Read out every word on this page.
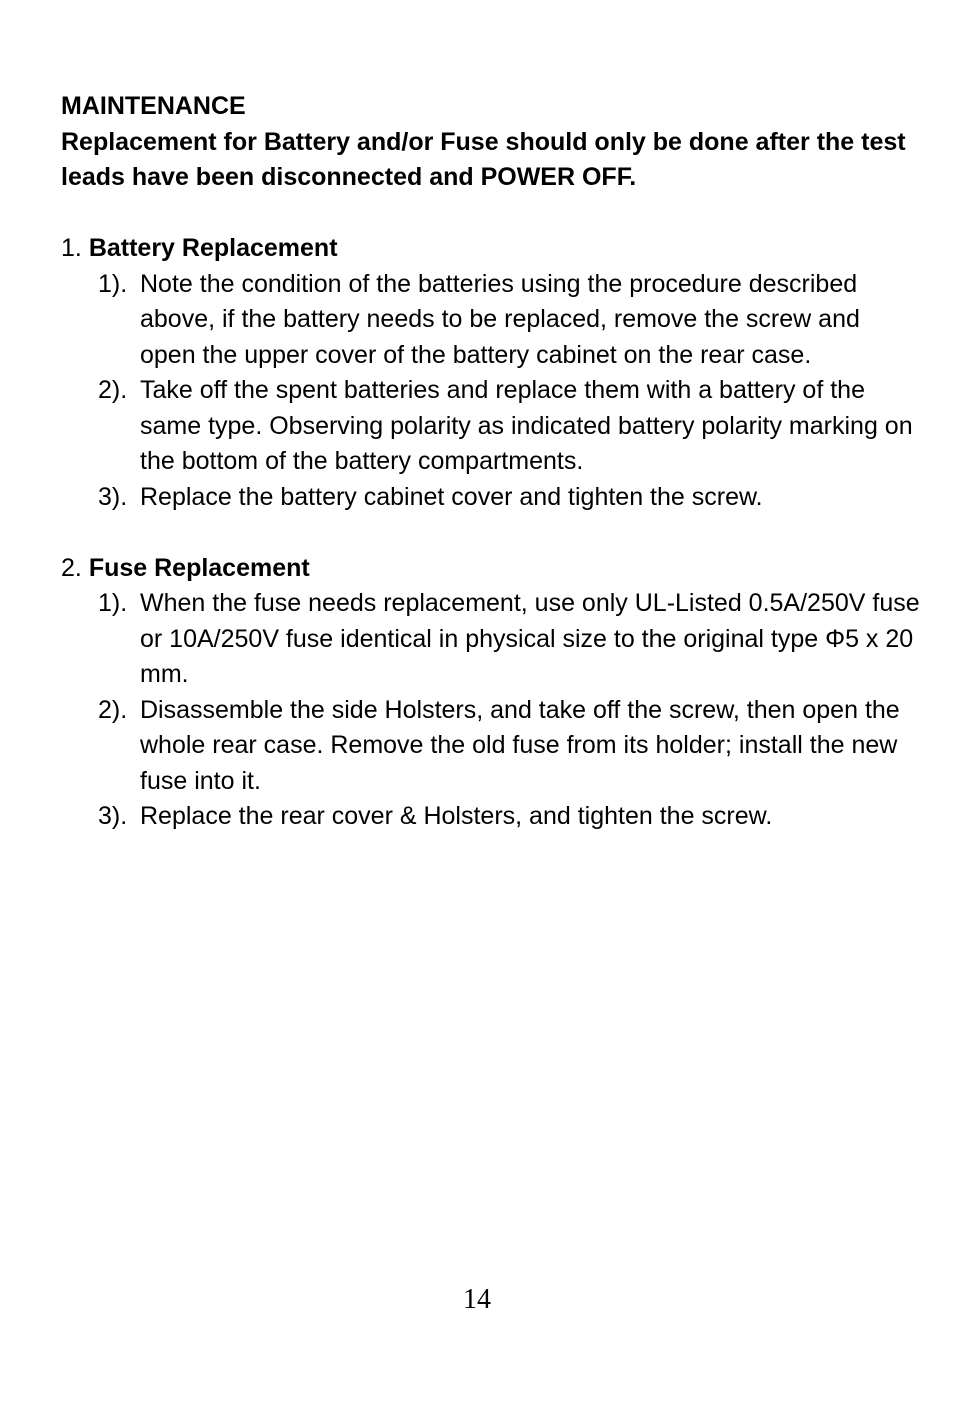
MAINTENANCE

Replacement for Battery and/or Fuse should only be done after the test leads have been disconnected and POWER OFF.

1. Battery Replacement

1). Note the condition of the batteries using the procedure described above, if the battery needs to be replaced, remove the screw and open the upper cover of the battery cabinet on the rear case.
2). Take off the spent batteries and replace them with a battery of the same type. Observing polarity as indicated battery polarity marking on the bottom of the battery compartments.
3). Replace the battery cabinet cover and tighten the screw.

2. Fuse Replacement

1). When the fuse needs replacement, use only UL-Listed 0.5A/250V fuse or 10A/250V fuse identical in physical size to the original type Φ5 x 20 mm.
2). Disassemble the side Holsters, and take off the screw, then open the whole rear case. Remove the old fuse from its holder; install the new fuse into it.
3). Replace the rear cover & Holsters, and tighten the screw.
14
